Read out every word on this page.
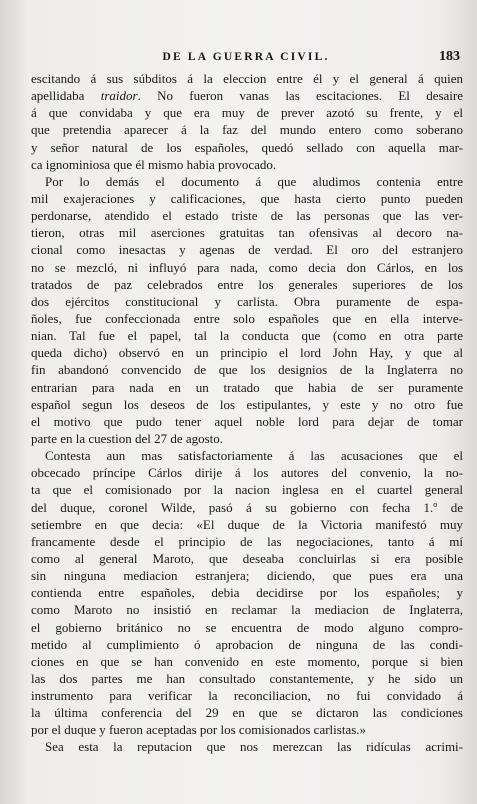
DE LA GUERRA CIVIL.	183
escitando á sus súbditos á la eleccion entre él y el general á quien
apellidaba traidor. No fueron vanas las escitaciones. El desaire
á que convidaba y que era muy de prever azotó su frente, y el
que pretendia aparecer á la faz del mundo entero como soberano
y señor natural de los españoles, quedó sellado con aquella mar-
ca ignominiosa que él mismo habia provocado.
Por lo demás el documento á que aludimos contenia entre
mil exajeraciones y calificaciones, que hasta cierto punto pueden
perdonarse, atendido el estado triste de las personas que las ver-
tieron, otras mil aserciones gratuitas tan ofensivas al decoro na-
cional como inesactas y agenas de verdad. El oro del estranjero
no se mezcló, ni influyó para nada, como decia don Cárlos, en los
tratados de paz celebrados entre los generales superiores de los
dos ejércitos constitucional y carlista. Obra puramente de espa-
ñoles, fue confeccionada entre solo españoles que en ella interve-
nian. Tal fue el papel, tal la conducta que (como en otra parte
queda dicho) observó en un principio el lord John Hay, y que al
fin abandonó convencido de que los designios de la Inglaterra no
entrarian para nada en un tratado que habia de ser puramente
español segun los deseos de los estipulantes, y este y no otro fue
el motivo que pudo tener aquel noble lord para dejar de tomar
parte en la cuestion del 27 de agosto.
Contesta aun mas satisfactoriamente á las acusaciones que el
obcecado príncipe Cárlos dirije á los autores del convenio, la no-
ta que el comisionado por la nacion inglesa en el cuartel general
del duque, coronel Wilde, pasó á su gobierno con fecha 1.º de
setiembre en que decia: «El duque de la Victoria manifestó muy
francamente desde el principio de las negociaciones, tanto á mí
como al general Maroto, que deseaba concluirlas si era posible
sin ninguna mediacion estranjera; diciendo, que pues era una
contienda entre españoles, debia decidirse por los españoles; y
como Maroto no insistió en reclamar la mediacion de Inglaterra,
el gobierno británico no se encuentra de modo alguno compro-
metido al cumplimiento ó aprobacion de ninguna de las condi-
ciones en que se han convenido en este momento, porque si bien
las dos partes me han consultado constantemente, y he sido un
instrumento para verificar la reconciliacion, no fui convidado á
la última conferencia del 29 en que se dictaron las condiciones
por el duque y fueron aceptadas por los comisionados carlistas.»
Sea esta la reputacion que nos merezcan las ridículas acrimi-
